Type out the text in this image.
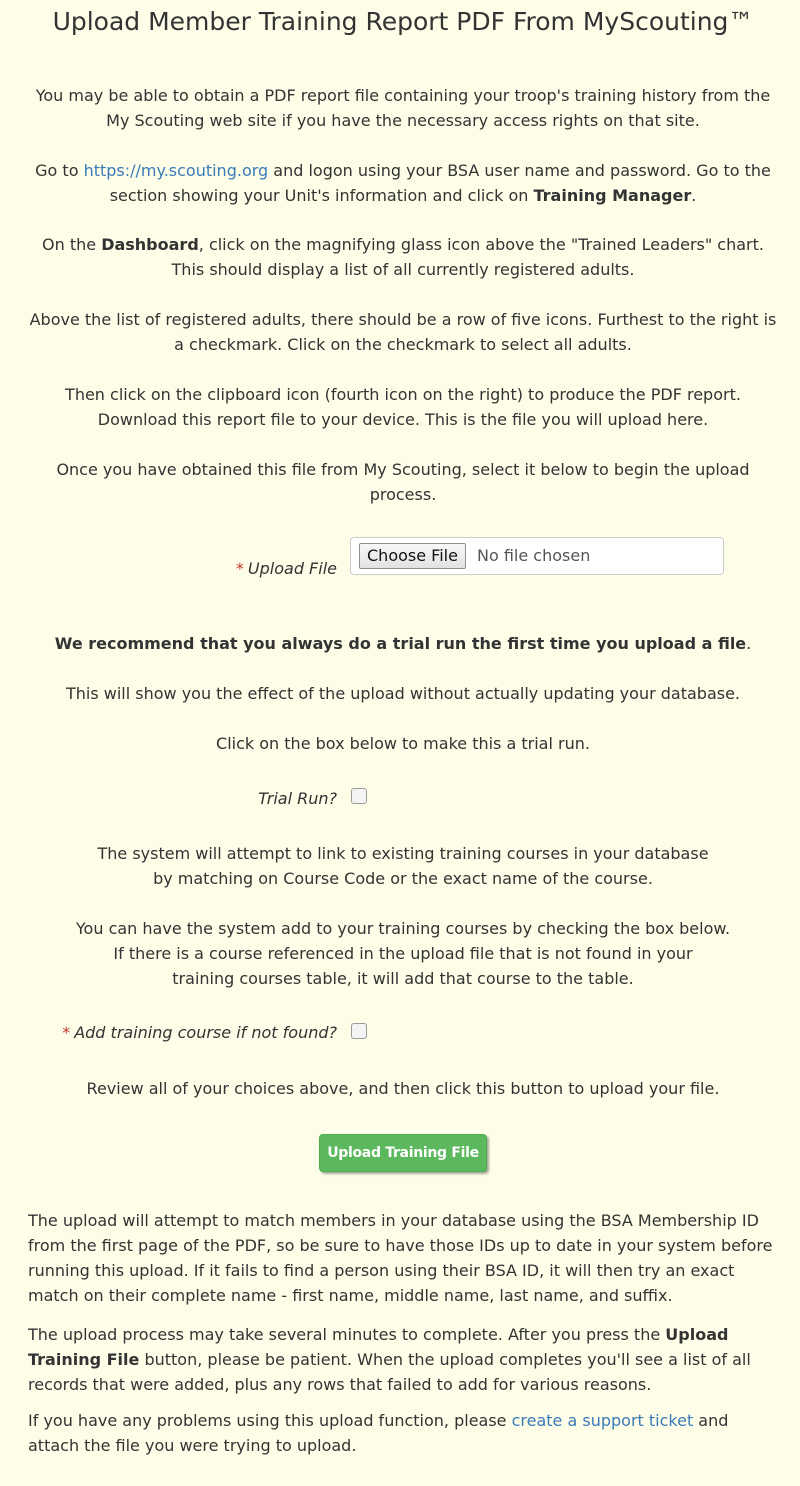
Upload Member Training Report PDF From MyScouting™

You may be able to obtain a PDF report file containing your troop's training history from the

My Scouting web site if you have the necessary access rights on that site.

Go to https://my.scouting.org and logon using your BSA user name and password. Go to the

section showing your Unit's information and click on Training Manager.

On the Dashboard, click on the magnifying glass icon above the "Trained Leaders" chart.

This should display a list of all currently registered adults.

Above the list of registered adults, there should be a row of five icons. Furthest to the right is

a checkmark. Click on the checkmark to select all adults.

Then click on the clipboard icon (fourth icon on the right) to produce the PDF report.

Download this report file to your device. This is the file you will upload here.

Once you have obtained this file from My Scouting, select it below to begin the upload

process.

* Upload File
Choose File	No file chosen

We recommend that you always do a trial run the first time you upload a file.

This will show you the effect of the upload without actually updating your database.

Click on the box below to make this a trial run.

Trial Run?

The system will attempt to link to existing training courses in your database

by matching on Course Code or the exact name of the course.

You can have the system add to your training courses by checking the box below.

If there is a course referenced in the upload file that is not found in your

training courses table, it will add that course to the table.

* Add training course if not found?

Review all of your choices above, and then click this button to upload your file.

Upload Training File

The upload will attempt to match members in your database using the BSA Membership ID from the first page of the PDF, so be sure to have those IDs up to date in your system before running this upload. If it fails to find a person using their BSA ID, it will then try an exact match on their complete name - first name, middle name, last name, and suffix.

The upload process may take several minutes to complete. After you press the Upload Training File button, please be patient. When the upload completes you'll see a list of all records that were added, plus any rows that failed to add for various reasons.

If you have any problems using this upload function, please create a support ticket and attach the file you were trying to upload.
